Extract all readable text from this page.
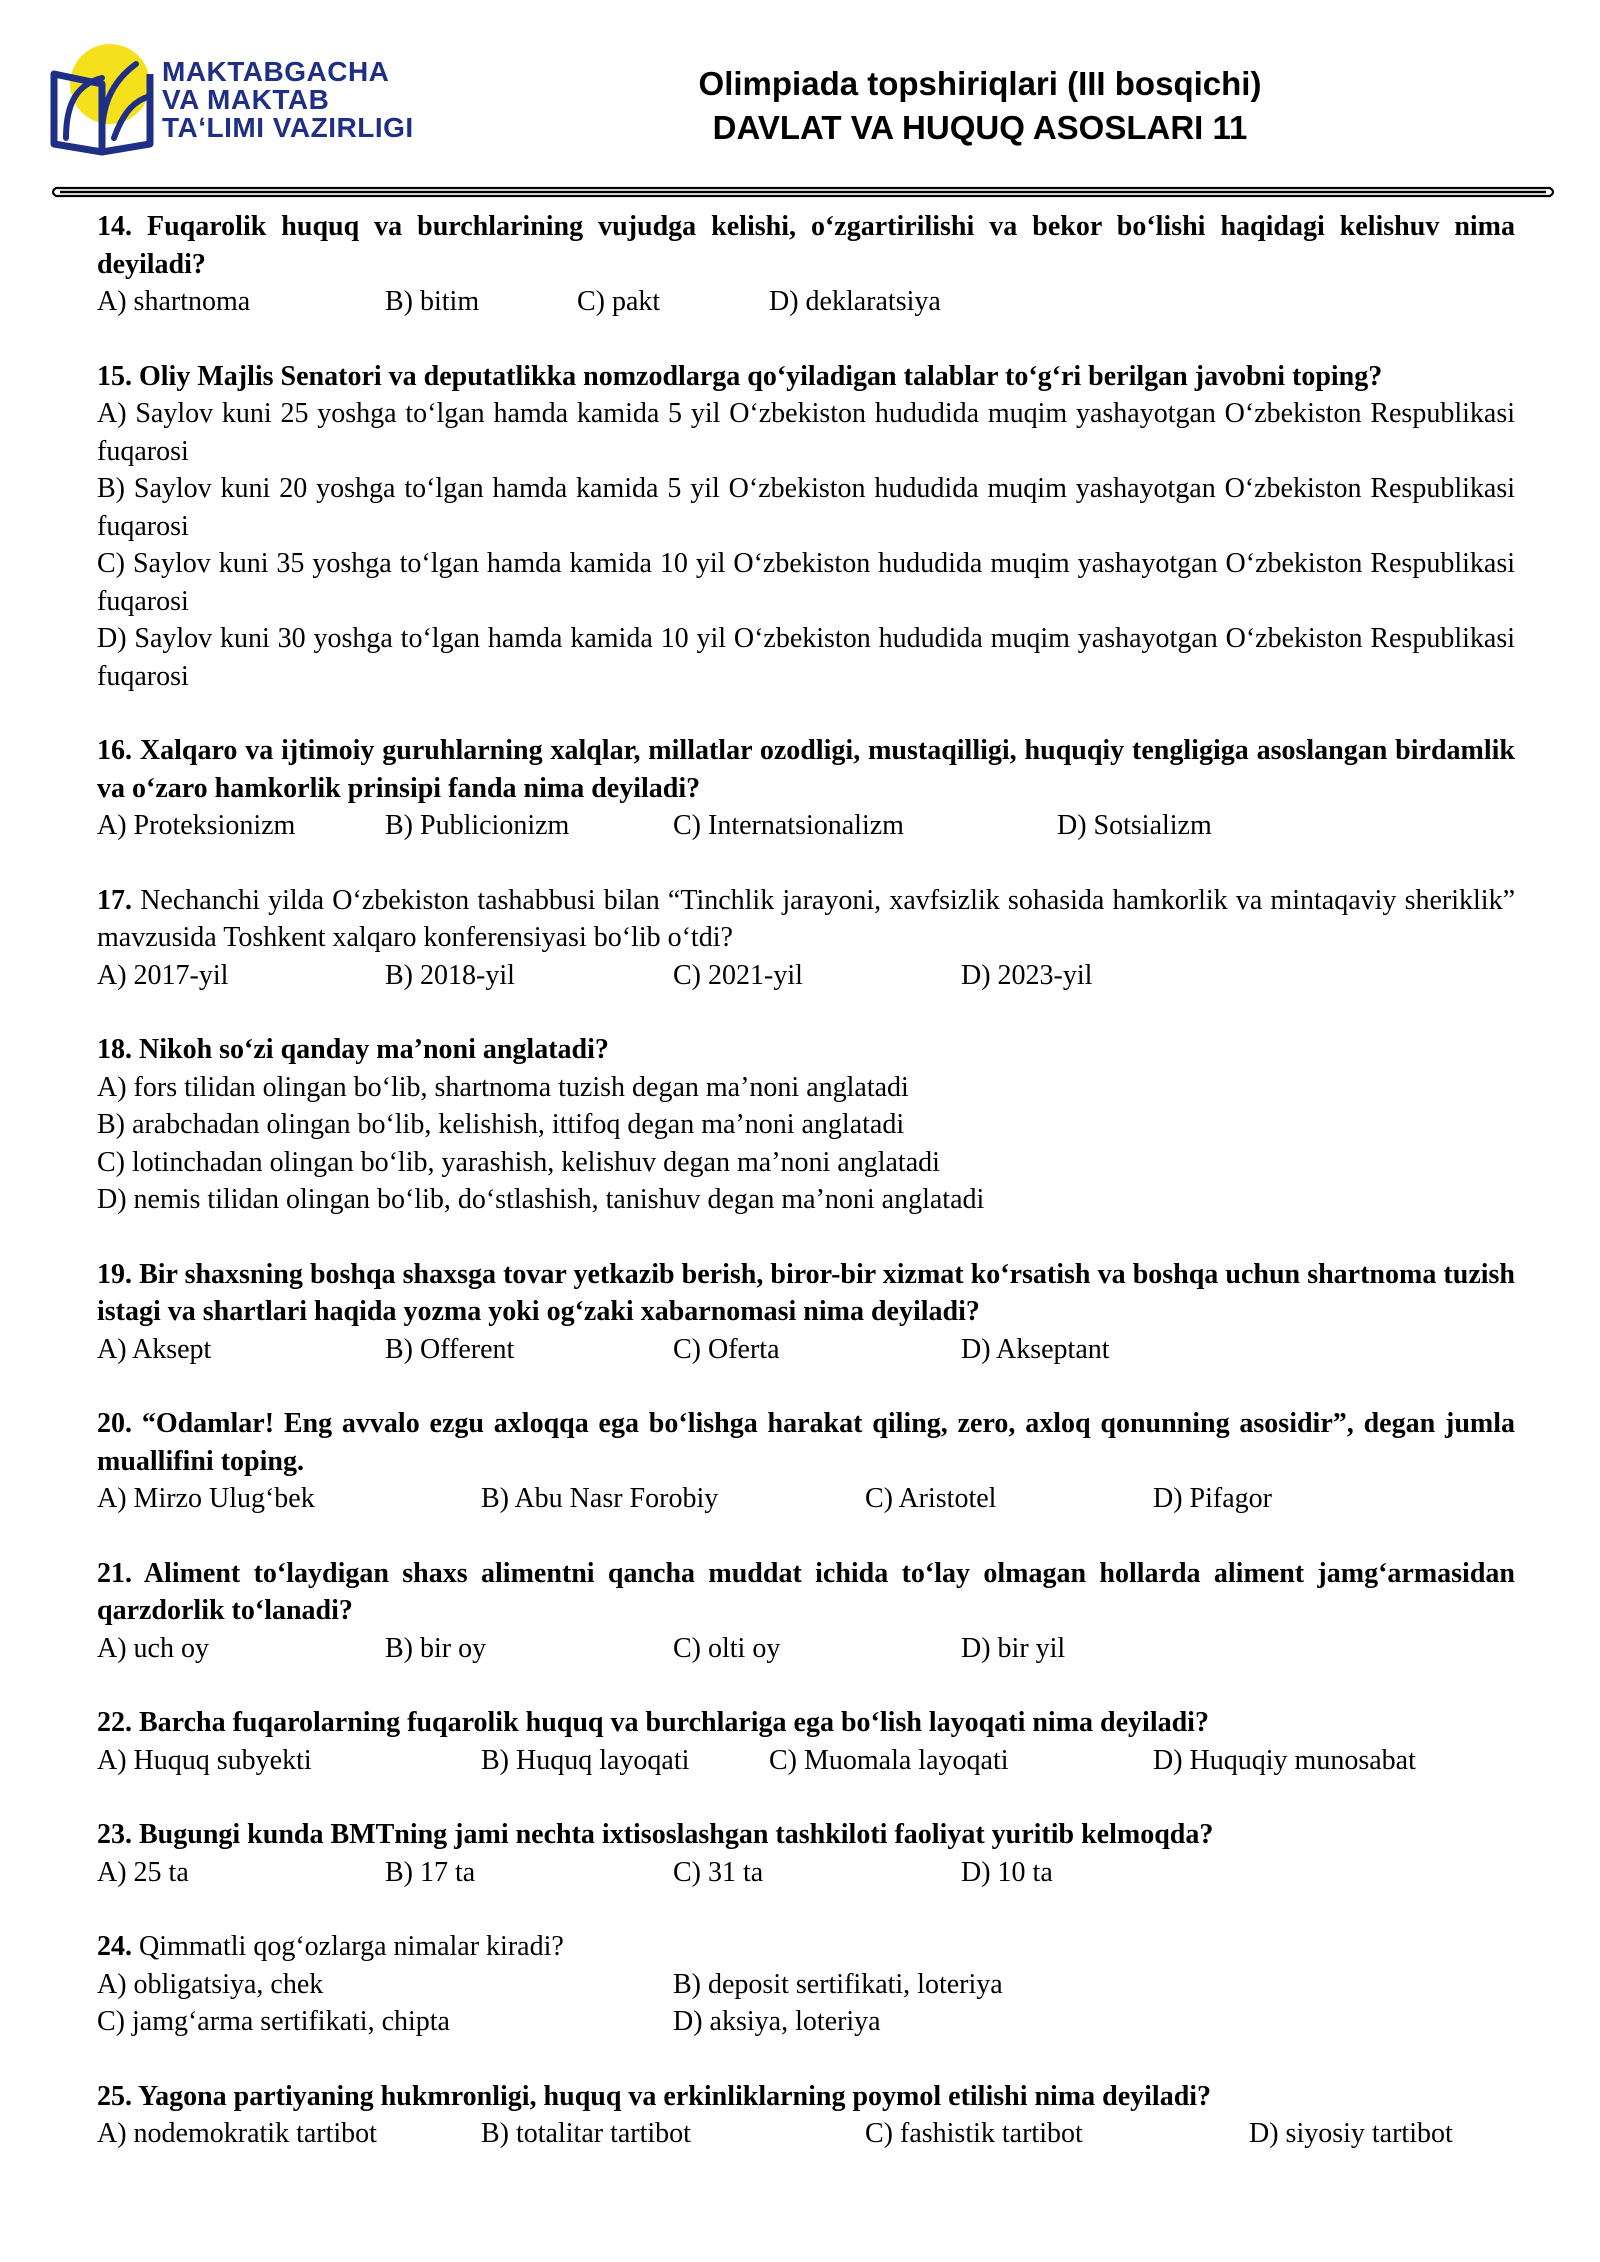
MAKTABGACHA
VA MAKTAB
TAʻLIMI VAZIRLIGI
Olimpiada topshiriqlari (III bosqichi)
DAVLAT VA HUQUQ ASOSLARI 11
14. Fuqarolik huquq va burchlarining vujudga kelishi, o‘zgartirilishi va bekor bo‘lishi haqidagi kelishuv nima deyiladi?
A) shartnoma	B) bitim	C) pakt	D) deklaratsiya
15. Oliy Majlis Senatori va deputatlikka nomzodlarga qo‘yiladigan talablar to‘g‘ri berilgan javobni toping?
A) Saylov kuni 25 yoshga to‘lgan hamda kamida 5 yil O‘zbekiston hududida muqim yashayotgan O‘zbekiston Respublikasi fuqarosi
B) Saylov kuni 20 yoshga to‘lgan hamda kamida 5 yil O‘zbekiston hududida muqim yashayotgan O‘zbekiston Respublikasi fuqarosi
C) Saylov kuni 35 yoshga to‘lgan hamda kamida 10 yil O‘zbekiston hududida muqim yashayotgan O‘zbekiston Respublikasi fuqarosi
D) Saylov kuni 30 yoshga to‘lgan hamda kamida 10 yil O‘zbekiston hududida muqim yashayotgan O‘zbekiston Respublikasi fuqarosi
16. Xalqaro va ijtimoiy guruhlarning xalqlar, millatlar ozodligi, mustaqilligi, huquqiy tengligiga asoslangan birdamlik va o‘zaro hamkorlik prinsipi fanda nima deyiladi?
A) Proteksionizm	B) Publicionizm	C) Internatsionalizm	D) Sotsializm
17. Nechanchi yilda Oʻzbekiston tashabbusi bilan “Tinchlik jarayoni, xavfsizlik sohasida hamkorlik va mintaqaviy sheriklik” mavzusida Toshkent xalqaro konferensiyasi bo‘lib o‘tdi?
A) 2017-yil	B) 2018-yil	C) 2021-yil	D) 2023-yil
18. Nikoh so‘zi qanday ma’noni anglatadi?
A) fors tilidan olingan bo‘lib, shartnoma tuzish degan ma’noni anglatadi
B) arabchadan olingan bo‘lib, kelishish, ittifoq degan ma’noni anglatadi
C) lotinchadan olingan bo‘lib, yarashish, kelishuv degan ma’noni anglatadi
D) nemis tilidan olingan bo‘lib, do‘stlashish, tanishuv degan ma’noni anglatadi
19. Bir shaxsning boshqa shaxsga tovar yetkazib berish, biror-bir xizmat ko‘rsatish va boshqa uchun shartnoma tuzish istagi va shartlari haqida yozma yoki og‘zaki xabarnomasi nima deyiladi?
A) Aksept	B) Offerent	C) Oferta	D) Akseptant
20. “Odamlar! Eng avvalo ezgu axloqqa ega bo‘lishga harakat qiling, zero, axloq qonunning asosidir”, degan jumla muallifini toping.
A) Mirzo Ulug‘bek	B) Abu Nasr Forobiy	C) Aristotel	D) Pifagor
21. Aliment to‘laydigan shaxs alimentni qancha muddat ichida to‘lay olmagan hollarda aliment jamg‘armasidan qarzdorlik to‘lanadi?
A) uch oy	B) bir oy	C) olti oy	D) bir yil
22. Barcha fuqarolarning fuqarolik huquq va burchlariga ega bo‘lish layoqati nima deyiladi?
A) Huquq subyekti	B) Huquq layoqati	C) Muomala layoqati	D) Huquqiy munosabat
23. Bugungi kunda BMTning jami nechta ixtisoslashgan tashkiloti faoliyat yuritib kelmoqda?
A) 25 ta	B) 17 ta	C) 31 ta	D) 10 ta
24. Qimmatli qog‘ozlarga nimalar kiradi?
A) obligatsiya, chek	B) deposit sertifikati, loteriya
C) jamg‘arma sertifikati, chipta	D) aksiya, loteriya
25. Yagona partiyaning hukmronligi, huquq va erkinliklarning poymol etilishi nima deyiladi?
A) nodemokratik tartibot	B) totalitar tartibot	C) fashistik tartibot	D) siyosiy tartibot
